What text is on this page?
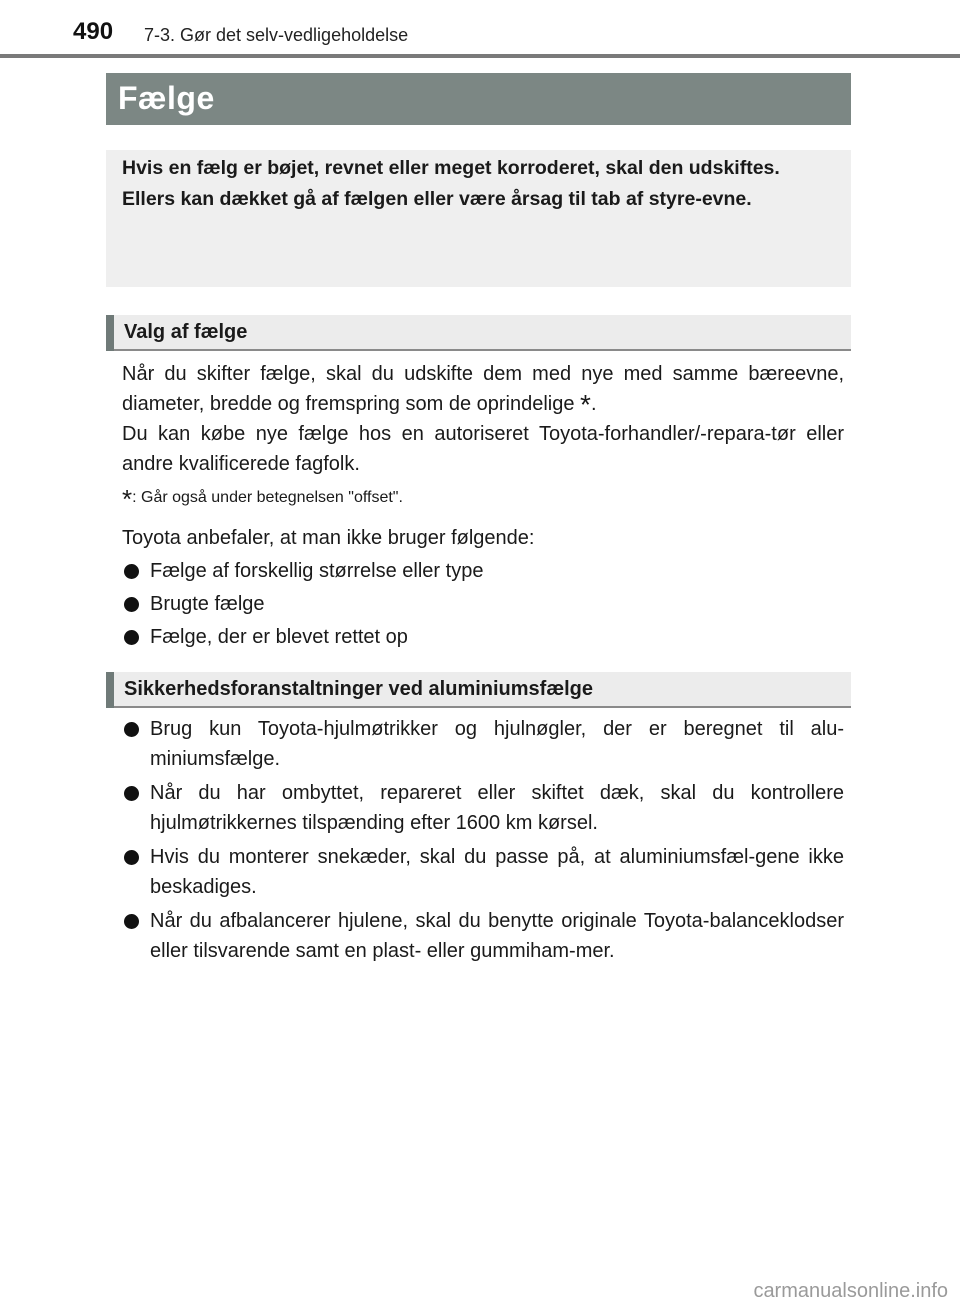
490 7-3. Gør det selv-vedligeholdelse
Fælge

Hvis en fælg er bøjet, revnet eller meget korroderet, skal den udskiftes.

Ellers kan dækket gå af fælgen eller være årsag til tab af styre-evne.

Valg af fælge

Når du skifter fælge, skal du udskifte dem med nye med samme bæreevne, diameter, bredde og fremspring som de oprindelige *.

Du kan købe nye fælge hos en autoriseret Toyota-forhandler/-repara-tør eller andre kvalificerede fagfolk.

*: Går også under betegnelsen "offset".

Toyota anbefaler, at man ikke bruger følgende:

Fælge af forskellig størrelse eller type
Brugte fælge
Fælge, der er blevet rettet op
Sikkerhedsforanstaltninger ved aluminiumsfælge
Brug kun Toyota-hjulmøtrikker og hjulnøgler, der er beregnet til alu-miniumsfælge.
Når du har ombyttet, repareret eller skiftet dæk, skal du kontrollere hjulmøtrikkernes tilspænding efter 1600 km kørsel.
Hvis du monterer snekæder, skal du passe på, at aluminiumsfæl-gene ikke beskadiges.
Når du afbalancerer hjulene, skal du benytte originale Toyota-balanceklodser eller tilsvarende samt en plast- eller gummiham-mer.
carmanualsonline.info
